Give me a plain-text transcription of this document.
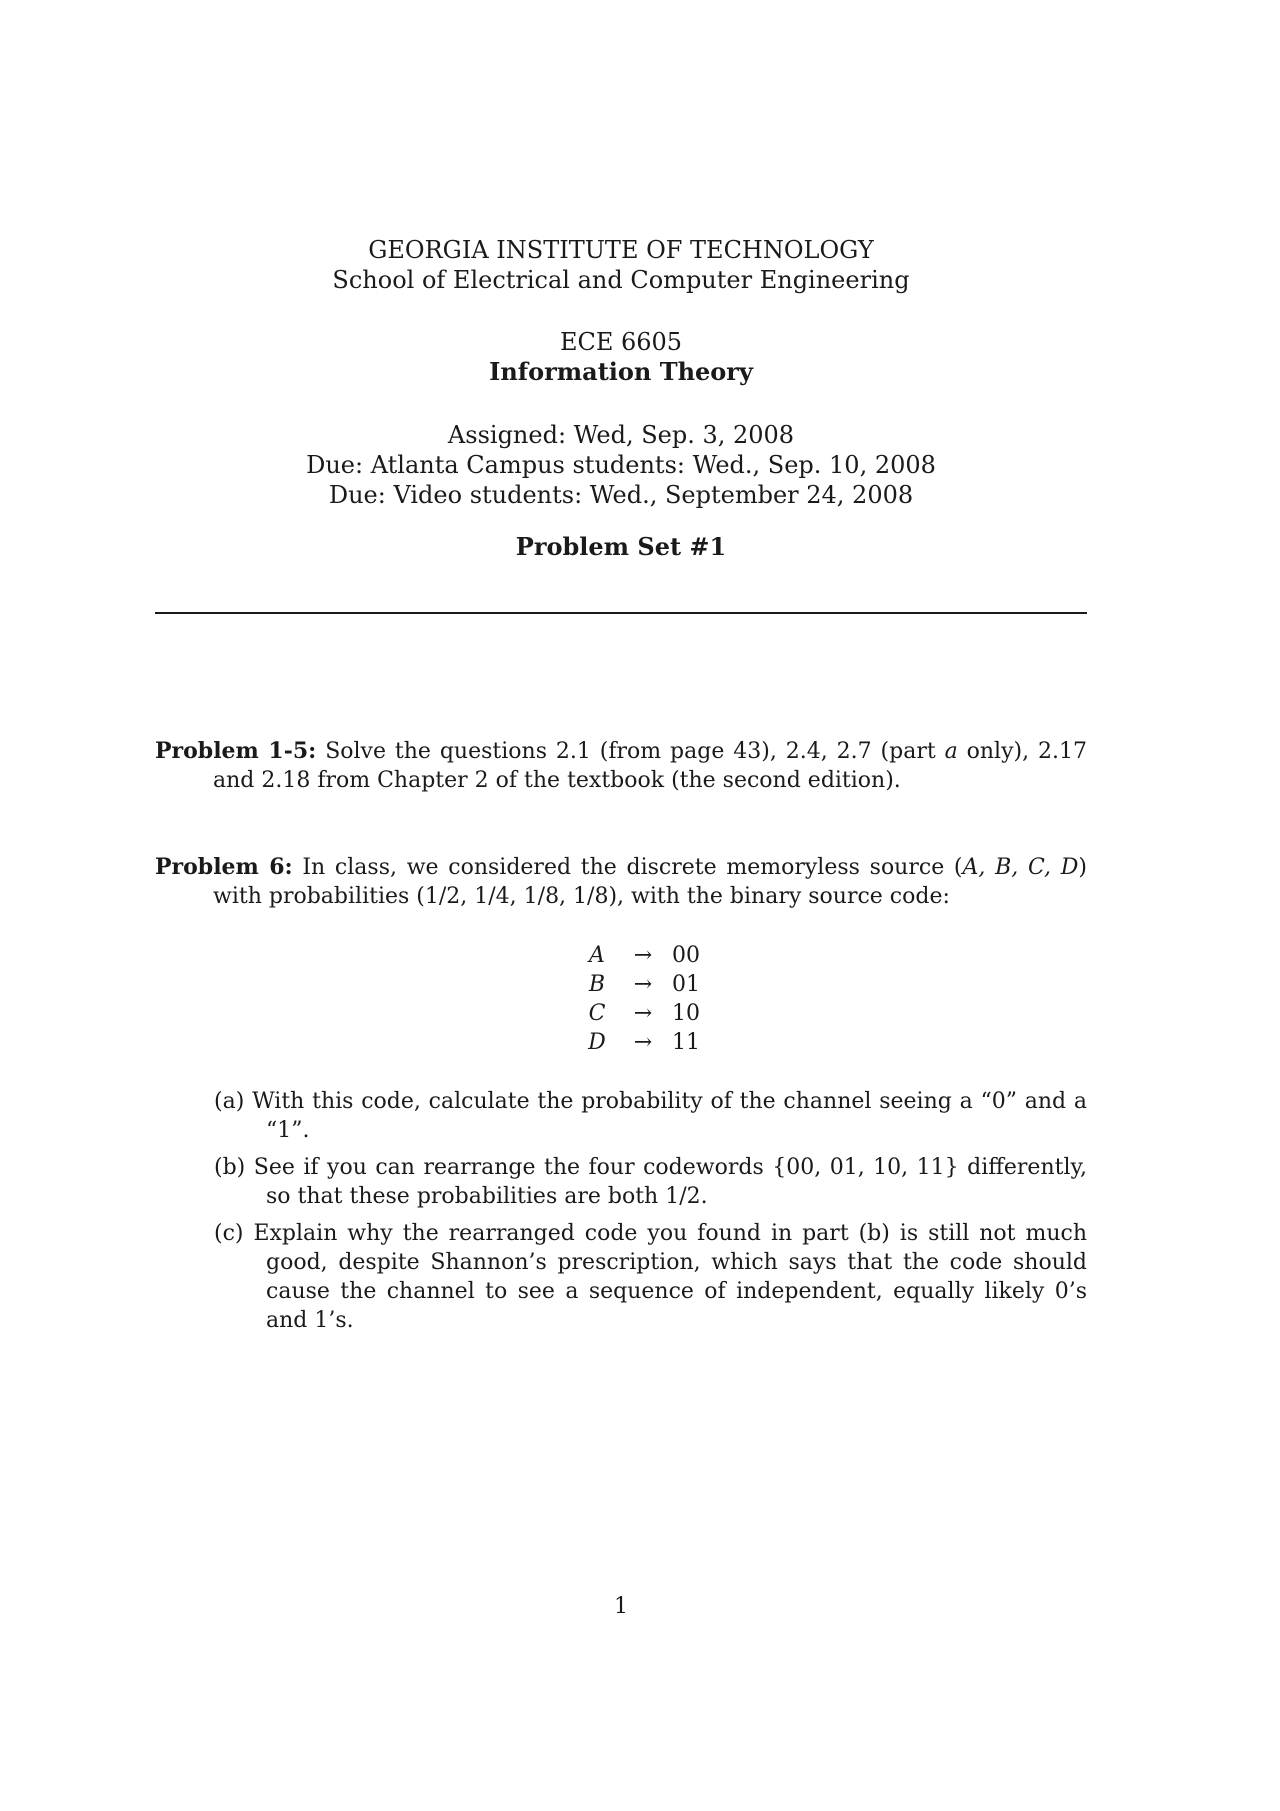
GEORGIA INSTITUTE OF TECHNOLOGY
School of Electrical and Computer Engineering
ECE 6605
Information Theory
Assigned: Wed, Sep. 3, 2008
Due: Atlanta Campus students: Wed., Sep. 10, 2008
Due: Video students: Wed., September 24, 2008
Problem Set #1
Problem 1-5: Solve the questions 2.1 (from page 43), 2.4, 2.7 (part a only), 2.17 and 2.18 from Chapter 2 of the textbook (the second edition).
Problem 6: In class, we considered the discrete memoryless source (A, B, C, D) with probabilities (1/2, 1/4, 1/8, 1/8), with the binary source code:
A	→	00
B	→	01
C	→	10
D	→	11
(a) With this code, calculate the probability of the channel seeing a “0” and a “1”.
(b) See if you can rearrange the four codewords {00, 01, 10, 11} differently, so that these probabilities are both 1/2.
(c) Explain why the rearranged code you found in part (b) is still not much good, despite Shannon’s prescription, which says that the code should cause the channel to see a sequence of independent, equally likely 0’s and 1’s.
1
